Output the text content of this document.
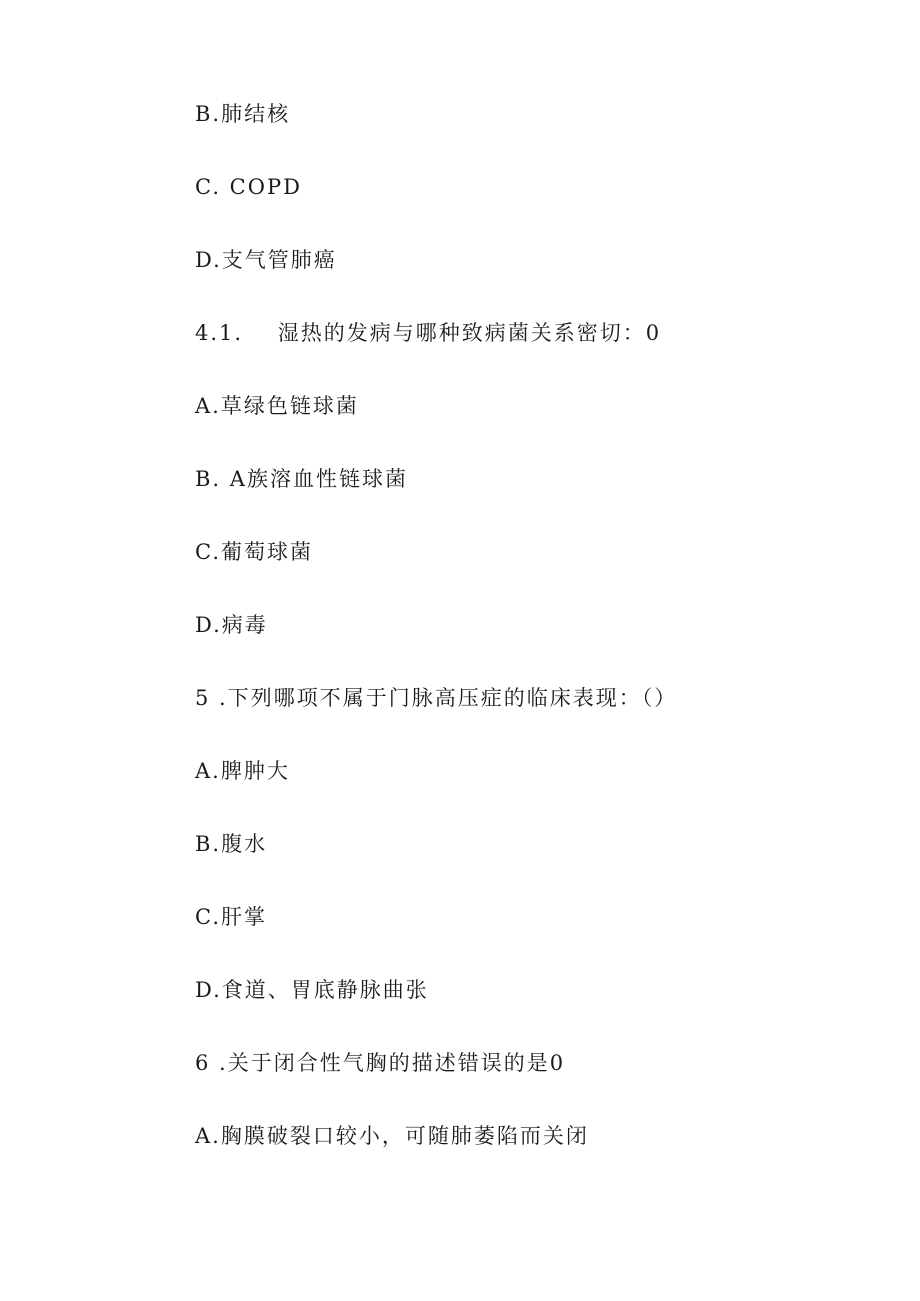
B.肺结核
C. COPD
D.支气管肺癌
4.1.    湿热的发病与哪种致病菌关系密切：0
A.草绿色链球菌
B. A族溶血性链球菌
C.葡萄球菌
D.病毒
5 .下列哪项不属于门脉高压症的临床表现：（）
A.脾肿大
B.腹水
C.肝掌
D.食道、胃底静脉曲张
6 .关于闭合性气胸的描述错误的是0
A.胸膜破裂口较小，可随肺萎陷而关闭
